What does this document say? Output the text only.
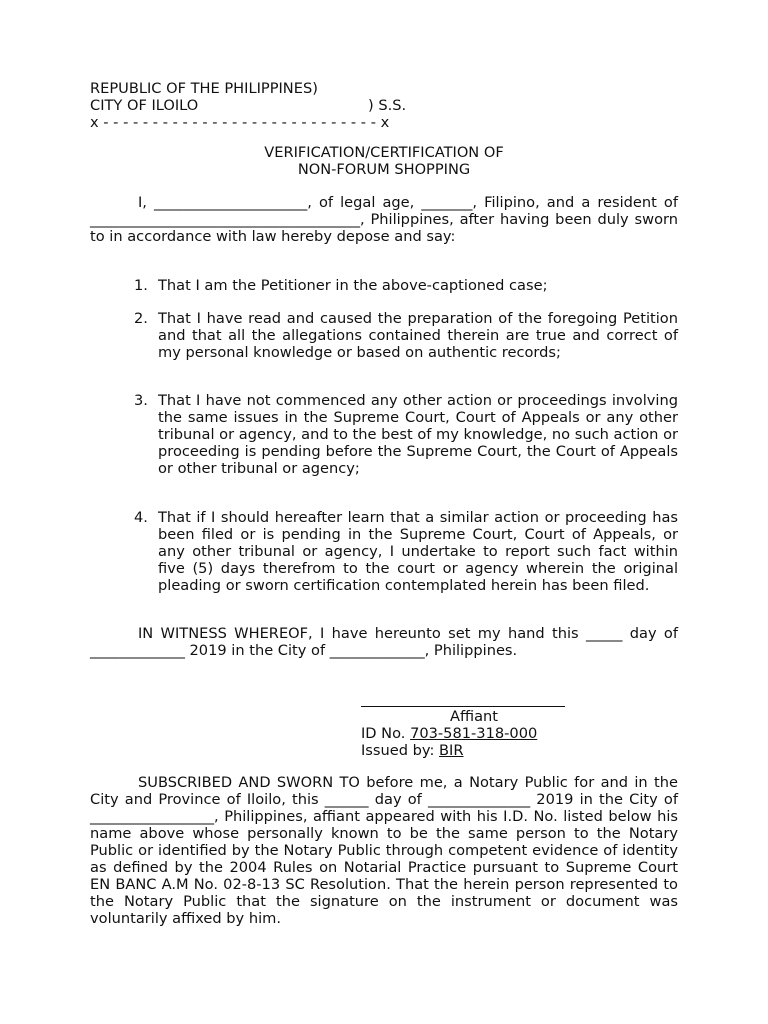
REPUBLIC OF THE PHILIPPINES)
CITY OF ILOILO	) S.S.
x - - - - - - - - - - - - - - - - - - - - - - - - - - - - x
VERIFICATION/CERTIFICATION OF
NON-FORUM SHOPPING
I, _____________________, of legal age, _______, Filipino, and a resident of _____________________________________, Philippines, after having been duly sworn to in accordance with law hereby depose and say:
1. That I am the Petitioner in the above-captioned case;
2. That I have read and caused the preparation of the foregoing Petition and that all the allegations contained therein are true and correct of my personal knowledge or based on authentic records;
3. That I have not commenced any other action or proceedings involving the same issues in the Supreme Court, Court of Appeals or any other tribunal or agency, and to the best of my knowledge, no such action or proceeding is pending before the Supreme Court, the Court of Appeals or other tribunal or agency;
4. That if I should hereafter learn that a similar action or proceeding has been filed or is pending in the Supreme Court, Court of Appeals, or any other tribunal or agency, I undertake to report such fact within five (5) days therefrom to the court or agency wherein the original pleading or sworn certification contemplated herein has been filed.
IN WITNESS WHEREOF, I have hereunto set my hand this _____ day of _____________ 2019 in the City of _____________, Philippines.
Affiant
ID No. 703-581-318-000
Issued by: BIR
SUBSCRIBED AND SWORN TO before me, a Notary Public for and in the City and Province of Iloilo, this ______ day of ______________ 2019 in the City of _________________, Philippines, affiant appeared with his I.D. No. listed below his name above whose personally known to be the same person to the Notary Public or identified by the Notary Public through competent evidence of identity as defined by the 2004 Rules on Notarial Practice pursuant to Supreme Court EN BANC A.M No. 02-8-13 SC Resolution. That the herein person represented to the Notary Public that the signature on the instrument or document was voluntarily affixed by him.
